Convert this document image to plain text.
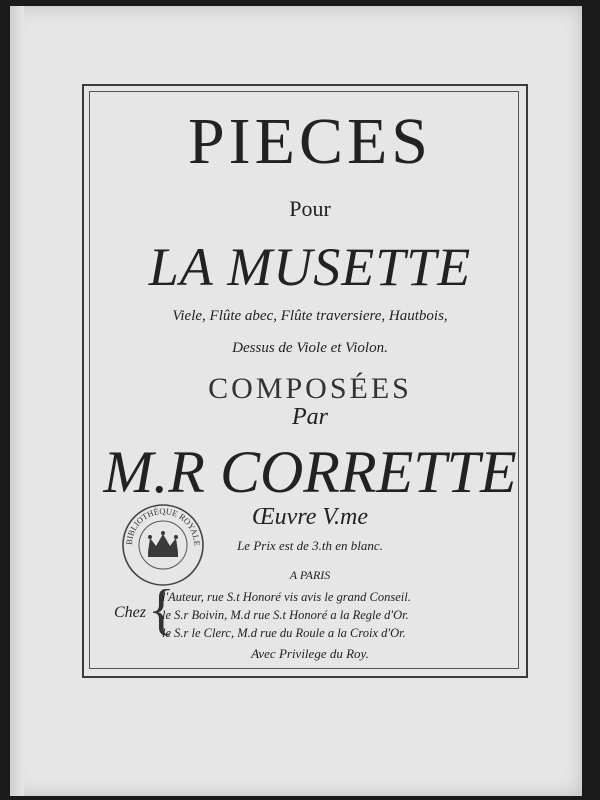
PIECES
Pour
LA MUSETTE
Viele, Flûte abec, Flûte traversiere, Hautbois,
Dessus de Viole et Violon.
COMPOSÉES
Par
M.R CORRETTE
Œuvre V.me
Le Prix est de 3.th en blanc.
A PARIS
Chez {
l'Auteur, rue S.t Honoré vis avis le grand Conseil.
le S.r Boivin, M.d rue S.t Honoré a la Regle d'Or.
le S.r le Clerc, M.d rue du Roule a la Croix d'Or.
Avec Privilege du Roy.
BIBLIOTHÈQUE ROYALE
